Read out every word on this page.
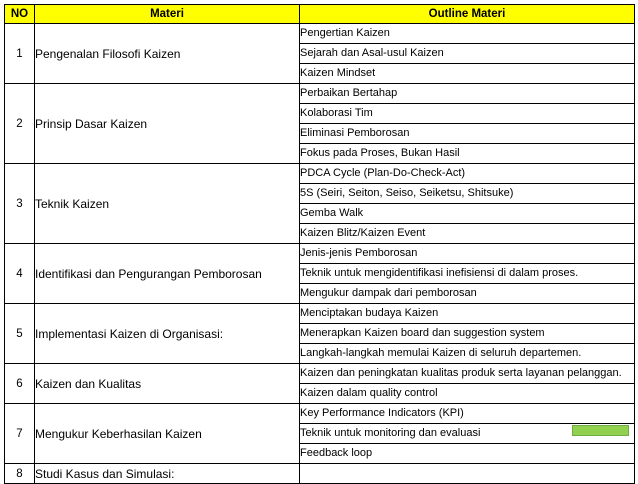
NO	Materi	Outline Materi
1	Pengenalan Filosofi Kaizen	Pengertian Kaizen
		Sejarah dan Asal-usul Kaizen
		Kaizen Mindset
2	Prinsip Dasar Kaizen	Perbaikan Bertahap
		Kolaborasi Tim
		Eliminasi Pemborosan
		Fokus pada Proses, Bukan Hasil
3	Teknik Kaizen	PDCA Cycle (Plan-Do-Check-Act)
		5S (Seiri, Seiton, Seiso, Seiketsu, Shitsuke)
		Gemba Walk
		Kaizen Blitz/Kaizen Event
4	Identifikasi dan Pengurangan Pemborosan	Jenis-jenis Pemborosan
		Teknik untuk mengidentifikasi inefisiensi di dalam proses.
		Mengukur dampak dari pemborosan
5	Implementasi Kaizen di Organisasi:	Menciptakan budaya Kaizen
		Menerapkan Kaizen board dan suggestion system
		Langkah-langkah memulai Kaizen di seluruh departemen.
6	Kaizen dan Kualitas	Kaizen dan peningkatan kualitas produk serta layanan pelanggan.
		Kaizen dalam quality control
7	Mengukur Keberhasilan Kaizen	Key Performance Indicators (KPI)
		Teknik untuk monitoring dan evaluasi
		Feedback loop
8	Studi Kasus dan Simulasi:	
